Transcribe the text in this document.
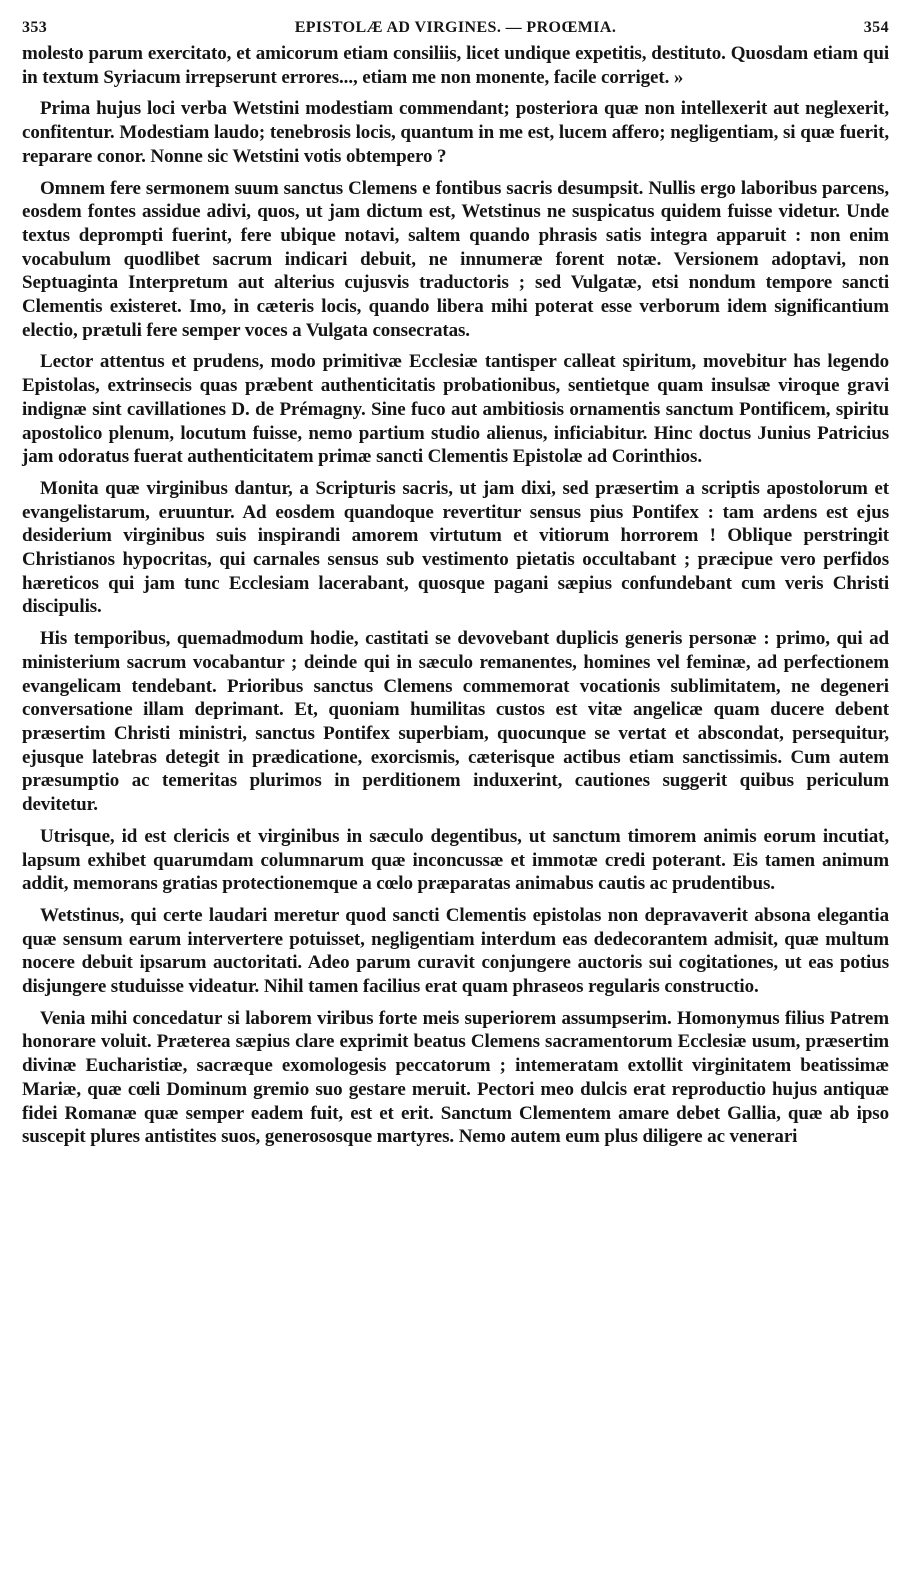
353	EPISTOLÆ AD VIRGINES. — PROŒMIA.	354

molesto parum exercitato, et amicorum etiam consiliis, licet undique expetitis, destituto. Quosdam etiam qui in textum Syriacum irrepserunt errores..., etiam me non monente, facile corriget. »

Prima hujus loci verba Wetstini modestiam commendant; posteriora quæ non intellexerit aut neglexerit, confitentur. Modestiam laudo; tenebrosis locis, quantum in me est, lucem affero; negligentiam, si quæ fuerit, reparare conor. Nonne sic Wetstini votis obtempero ?

Omnem fere sermonem suum sanctus Clemens e fontibus sacris desumpsit. Nullis ergo laboribus parcens, eosdem fontes assidue adivi, quos, ut jam dictum est, Wetstinus ne suspicatus quidem fuisse videtur. Unde textus deprompti fuerint, fere ubique notavi, saltem quando phrasis satis integra apparuit : non enim vocabulum quodlibet sacrum indicari debuit, ne innumeræ forent notæ. Versionem adoptavi, non Septuaginta Interpretum aut alterius cujusvis traductoris ; sed Vulgatæ, etsi nondum tempore sancti Clementis existeret. Imo, in cæteris locis, quando libera mihi poterat esse verborum idem significantium electio, prætuli fere semper voces a Vulgata consecratas.

Lector attentus et prudens, modo primitivæ Ecclesiæ tantisper calleat spiritum, movebitur has legendo Epistolas, extrinsecis quas præbent authenticitatis probationibus, sentietque quam insulsæ viroque gravi indignæ sint cavillationes D. de Prémagny. Sine fuco aut ambitiosis ornamentis sanctum Pontificem, spiritu apostolico plenum, locutum fuisse, nemo partium studio alienus, inficiabitur. Hinc doctus Junius Patricius jam odoratus fuerat authenticitatem primæ sancti Clementis Epistolæ ad Corinthios.

Monita quæ virginibus dantur, a Scripturis sacris, ut jam dixi, sed præsertim a scriptis apostolorum et evangelistarum, eruuntur. Ad eosdem quandoque revertitur sensus pius Pontifex : tam ardens est ejus desiderium virginibus suis inspirandi amorem virtutum et vitiorum horrorem ! Oblique perstringit Christianos hypocritas, qui carnales sensus sub vestimento pietatis occultabant ; præcipue vero perfidos hæreticos qui jam tunc Ecclesiam lacerabant, quosque pagani sæpius confundebant cum veris Christi discipulis.

His temporibus, quemadmodum hodie, castitati se devovebant duplicis generis personæ : primo, qui ad ministerium sacrum vocabantur ; deinde qui in sæculo remanentes, homines vel feminæ, ad perfectionem evangelicam tendebant. Prioribus sanctus Clemens commemorat vocationis sublimitatem, ne degeneri conversatione illam deprimant. Et, quoniam humilitas custos est vitæ angelicæ quam ducere debent præsertim Christi ministri, sanctus Pontifex superbiam, quocunque se vertat et abscondat, persequitur, ejusque latebras detegit in prædicatione, exorcismis, cæterisque actibus etiam sanctissimis. Cum autem præsumptio ac temeritas plurimos in perditionem induxerint, cautiones suggerit quibus periculum devitetur.

Utrisque, id est clericis et virginibus in sæculo degentibus, ut sanctum timorem animis eorum incutiat, lapsum exhibet quarumdam columnarum quæ inconcussæ et immotæ credi poterant. Eis tamen animum addit, memorans gratias protectionemque a cœlo præparatas animabus cautis ac prudentibus.

Wetstinus, qui certe laudari meretur quod sancti Clementis epistolas non depravaverit absona elegantia quæ sensum earum intervertere potuisset, negligentiam interdum eas dedecorantem admisit, quæ multum nocere debuit ipsarum auctoritati. Adeo parum curavit conjungere auctoris sui cogitationes, ut eas potius disjungere studuisse videatur. Nihil tamen facilius erat quam phraseos regularis constructio.

Venia mihi concedatur si laborem viribus forte meis superiorem assumpserim. Homonymus filius Patrem honorare voluit. Præterea sæpius clare exprimit beatus Clemens sacramentorum Ecclesiæ usum, præsertim divinæ Eucharistiæ, sacræque exomologesis peccatorum ; intemeratam extollit virginitatem beatissimæ Mariæ, quæ cœli Dominum gremio suo gestare meruit. Pectori meo dulcis erat reproductio hujus antiquæ fidei Romanæ quæ semper eadem fuit, est et erit. Sanctum Clementem amare debet Gallia, quæ ab ipso suscepit plures antistites suos, generososque martyres. Nemo autem eum plus diligere ac venerari
